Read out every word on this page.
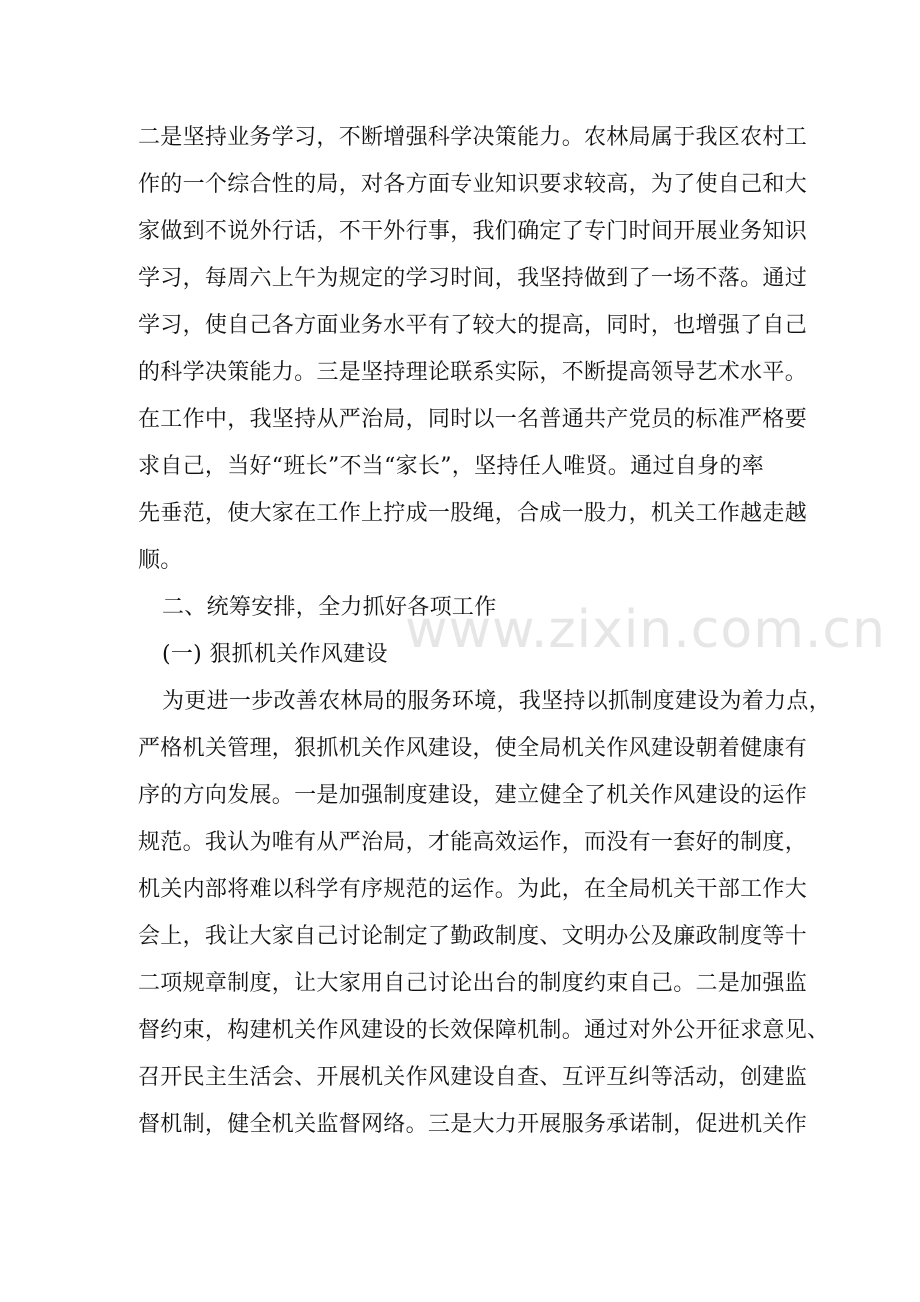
www.zixin.com.cn
二是坚持业务学习，不断增强科学决策能力。农林局属于我区农村工
作的一个综合性的局，对各方面专业知识要求较高，为了使自己和大
家做到不说外行话，不干外行事，我们确定了专门时间开展业务知识
学习，每周六上午为规定的学习时间，我坚持做到了一场不落。通过
学习，使自己各方面业务水平有了较大的提高，同时，也增强了自己
的科学决策能力。三是坚持理论联系实际，不断提高领导艺术水平。
在工作中，我坚持从严治局，同时以一名普通共产党员的标准严格要
求自己，当好“班长”不当“家长”，坚持任人唯贤。通过自身的率
先垂范，使大家在工作上拧成一股绳，合成一股力，机关工作越走越
顺。
二、统筹安排，全力抓好各项工作
(一) 狠抓机关作风建设
为更进一步改善农林局的服务环境，我坚持以抓制度建设为着力点，
严格机关管理，狠抓机关作风建设，使全局机关作风建设朝着健康有
序的方向发展。一是加强制度建设，建立健全了机关作风建设的运作
规范。我认为唯有从严治局，才能高效运作，而没有一套好的制度，
机关内部将难以科学有序规范的运作。为此，在全局机关干部工作大
会上，我让大家自己讨论制定了勤政制度、文明办公及廉政制度等十
二项规章制度，让大家用自己讨论出台的制度约束自己。二是加强监
督约束，构建机关作风建设的长效保障机制。通过对外公开征求意见、
召开民主生活会、开展机关作风建设自查、互评互纠等活动，创建监
督机制，健全机关监督网络。三是大力开展服务承诺制，促进机关作
